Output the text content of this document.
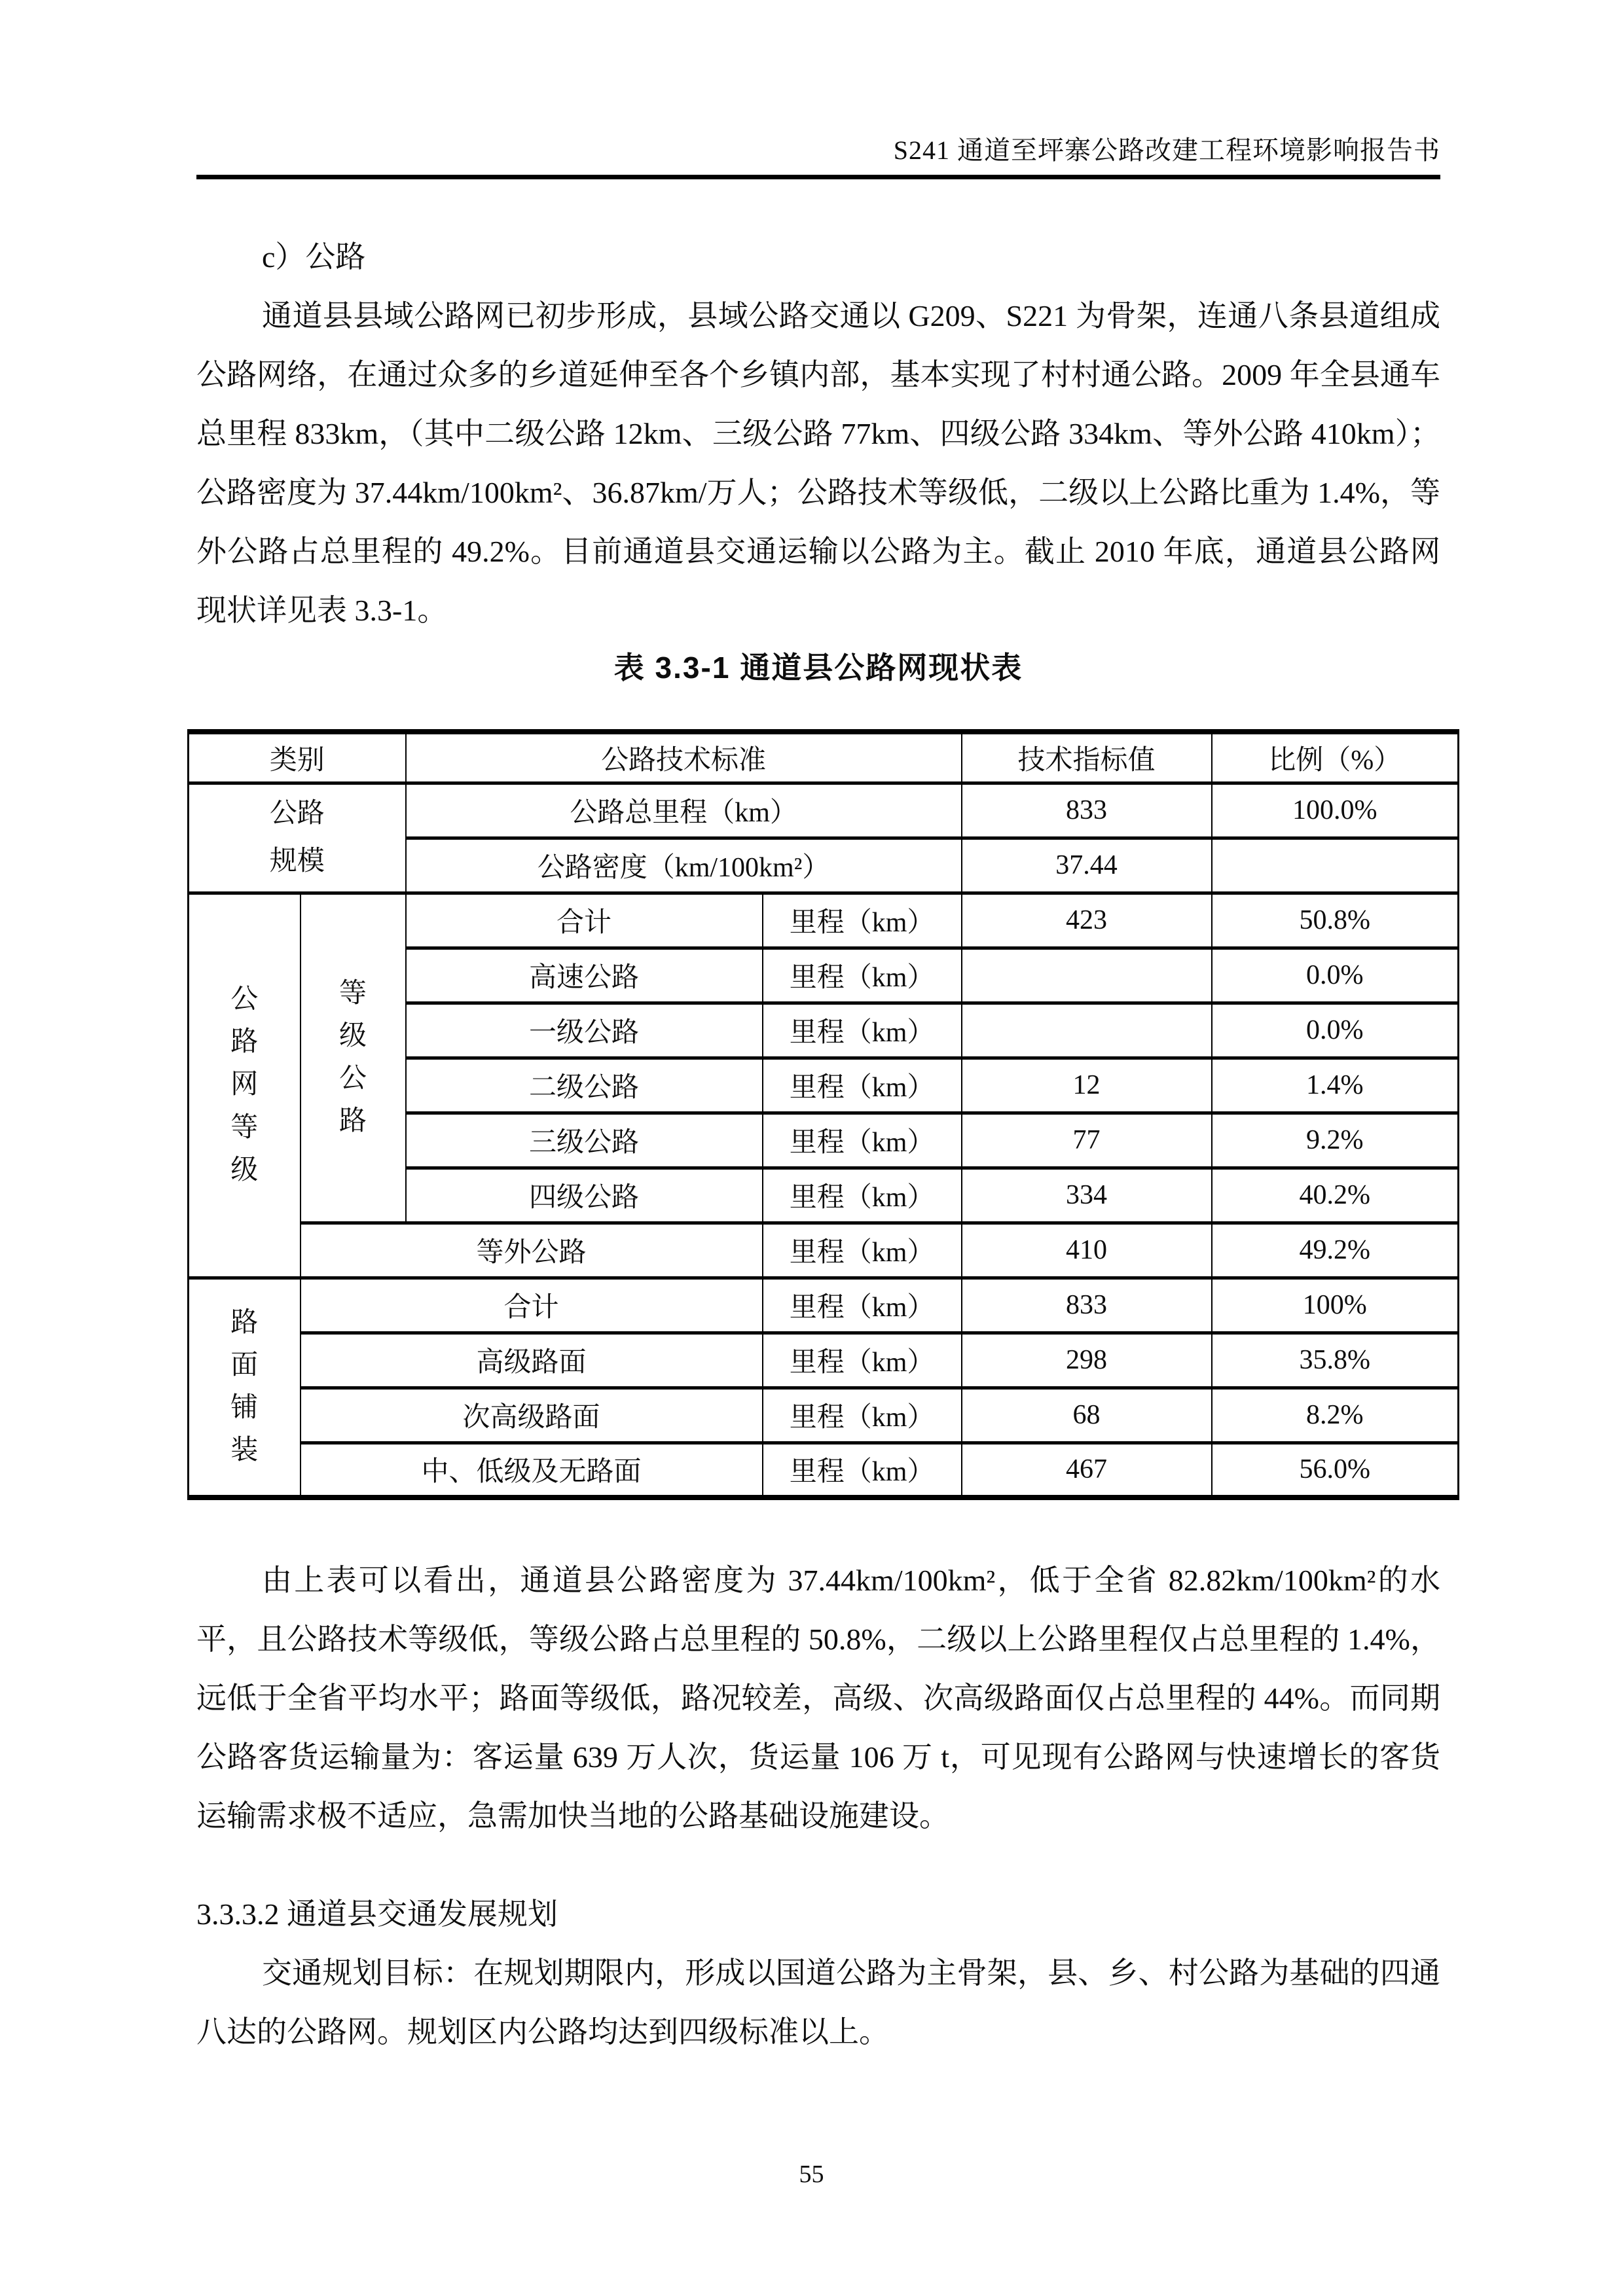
S241 通道至坪寨公路改建工程环境影响报告书

c）公路

通道县县域公路网已初步形成，县域公路交通以 G209、S221 为骨架，连通八条县道组成公路网络，在通过众多的乡道延伸至各个乡镇内部，基本实现了村村通公路。2009 年全县通车总里程 833km，（其中二级公路 12km、三级公路 77km、四级公路 334km、等外公路 410km）；公路密度为 37.44km/100km²、36.87km/万人；公路技术等级低，二级以上公路比重为 1.4%，等外公路占总里程的 49.2%。目前通道县交通运输以公路为主。截止 2010 年底，通道县公路网现状详见表 3.3-1。

表 3.3-1 通道县公路网现状表

类别		公路技术标准		技术指标值	比例（%）
公路规模		公路总里程（km）		833	100.0%
		公路密度（km/100km²）		37.44	
公路网等级	等级公路	合计	里程（km）	423	50.8%
		高速公路	里程（km）		0.0%
		一级公路	里程（km）		0.0%
		二级公路	里程（km）	12	1.4%
		三级公路	里程（km）	77	9.2%
		四级公路	里程（km）	334	40.2%
	等外公路		里程（km）	410	49.2%
路面铺装	合计		里程（km）	833	100%
	高级路面		里程（km）	298	35.8%
	次高级路面		里程（km）	68	8.2%
	中、低级及无路面		里程（km）	467	56.0%

由上表可以看出，通道县公路密度为 37.44km/100km²，低于全省 82.82km/100km²的水平，且公路技术等级低，等级公路占总里程的 50.8%，二级以上公路里程仅占总里程的 1.4%，远低于全省平均水平；路面等级低，路况较差，高级、次高级路面仅占总里程的 44%。而同期公路客货运输量为：客运量 639 万人次，货运量 106 万 t，可见现有公路网与快速增长的客货运输需求极不适应，急需加快当地的公路基础设施建设。

3.3.3.2 通道县交通发展规划

交通规划目标：在规划期限内，形成以国道公路为主骨架，县、乡、村公路为基础的四通八达的公路网。规划区内公路均达到四级标准以上。

55
